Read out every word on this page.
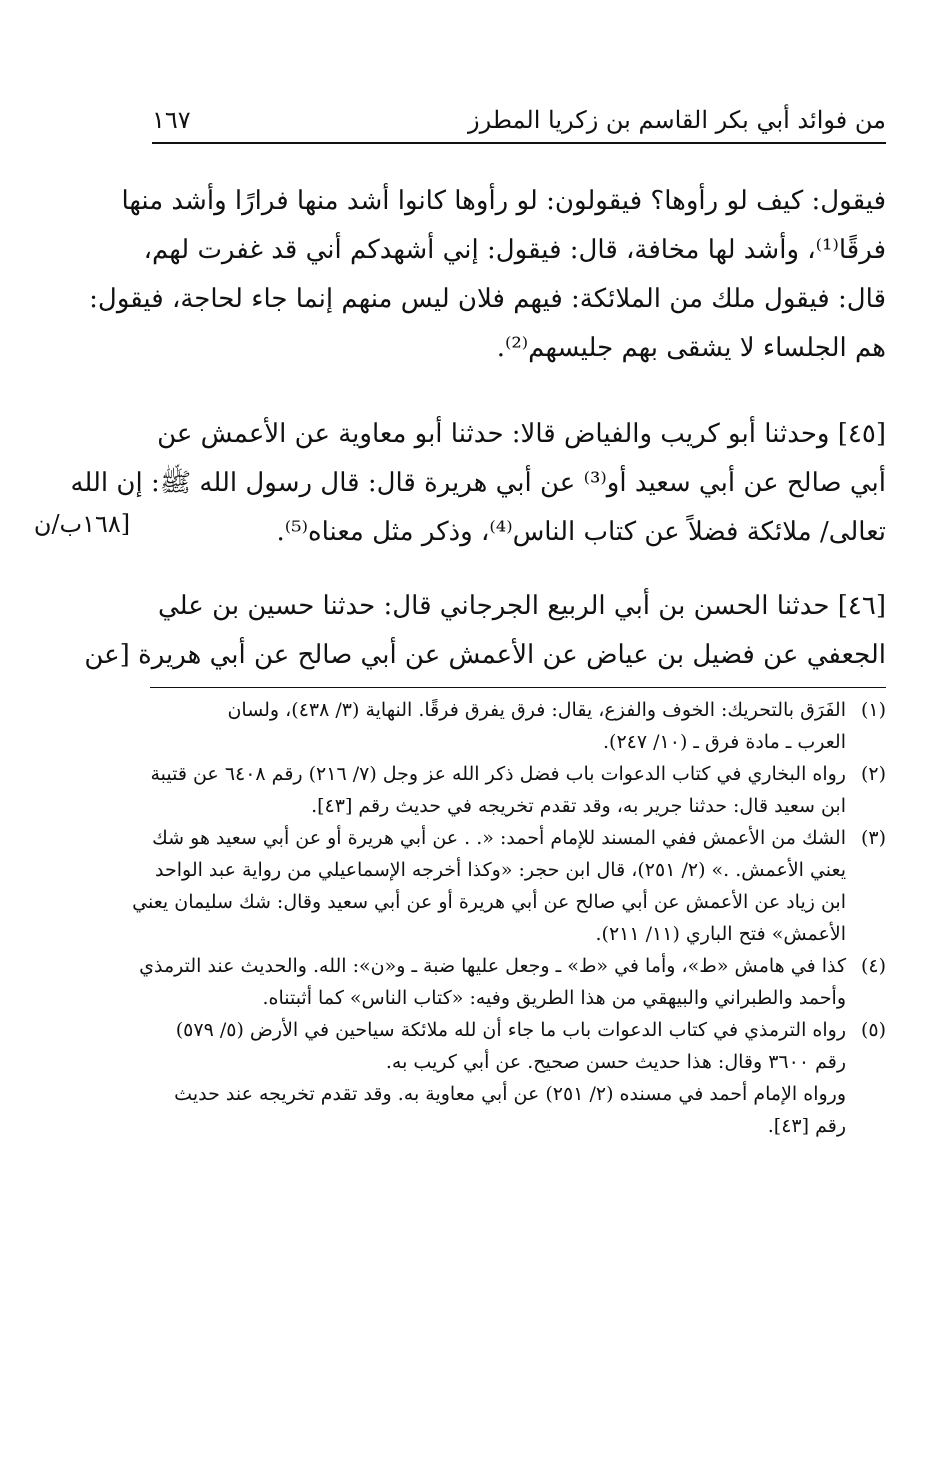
من فوائد أبي بكر القاسم بن زكريا المطرز
١٦٧
فيقول: كيف لو رأوها؟ فيقولون: لو رأوها كانوا أشد منها فرارًا وأشد منها
فرقًا⁽¹⁾، وأشد لها مخافة، قال: فيقول: إني أشهدكم أني قد غفرت لهم،
قال: فيقول ملك من الملائكة: فيهم فلان ليس منهم إنما جاء لحاجة، فيقول:
هم الجلساء لا يشقى بهم جليسهم⁽²⁾.
[٤٥] وحدثنا أبو كريب والفياض قالا: حدثنا أبو معاوية عن الأعمش عن
أبي صالح عن أبي سعيد أو⁽³⁾ عن أبي هريرة قال: قال رسول الله ﷺ: إن الله
تعالى/ ملائكة فضلاً عن كتاب الناس⁽⁴⁾، وذكر مثل معناه⁽⁵⁾.
[١٦٨ب/ن
[٤٦] حدثنا الحسن بن أبي الربيع الجرجاني قال: حدثنا حسين بن علي
الجعفي عن فضيل بن عياض عن الأعمش عن أبي صالح عن أبي هريرة [عن
(١)
الفَرَق بالتحريك: الخوف والفزع، يقال: فرق يفرق فرقًا. النهاية (٣/ ٤٣٨)، ولسان
العرب ـ مادة فرق ـ (١٠/ ٢٤٧).
(٢)
رواه البخاري في كتاب الدعوات باب فضل ذكر الله عز وجل (٧/ ٢١٦) رقم ٦٤٠٨ عن قتيبة
ابن سعيد قال: حدثنا جرير به، وقد تقدم تخريجه في حديث رقم [٤٣].
(٣)
الشك من الأعمش ففي المسند للإمام أحمد: «. . عن أبي هريرة أو عن أبي سعيد هو شك
يعني الأعمش. .» (٢/ ٢٥١)، قال ابن حجر: «وكذا أخرجه الإسماعيلي من رواية عبد الواحد
ابن زياد عن الأعمش عن أبي صالح عن أبي هريرة أو عن أبي سعيد وقال: شك سليمان يعني
الأعمش» فتح الباري (١١/ ٢١١).
(٤)
كذا في هامش «ط»، وأما في «ط» ـ وجعل عليها ضبة ـ و«ن»: الله. والحديث عند الترمذي
وأحمد والطبراني والبيهقي من هذا الطريق وفيه: «كتاب الناس» كما أثبتناه.
(٥)
رواه الترمذي في كتاب الدعوات باب ما جاء أن لله ملائكة سياحين في الأرض (٥/ ٥٧٩)
رقم ٣٦٠٠ وقال: هذا حديث حسن صحيح. عن أبي كريب به.
ورواه الإمام أحمد في مسنده (٢/ ٢٥١) عن أبي معاوية به. وقد تقدم تخريجه عند حديث
رقم [٤٣].
